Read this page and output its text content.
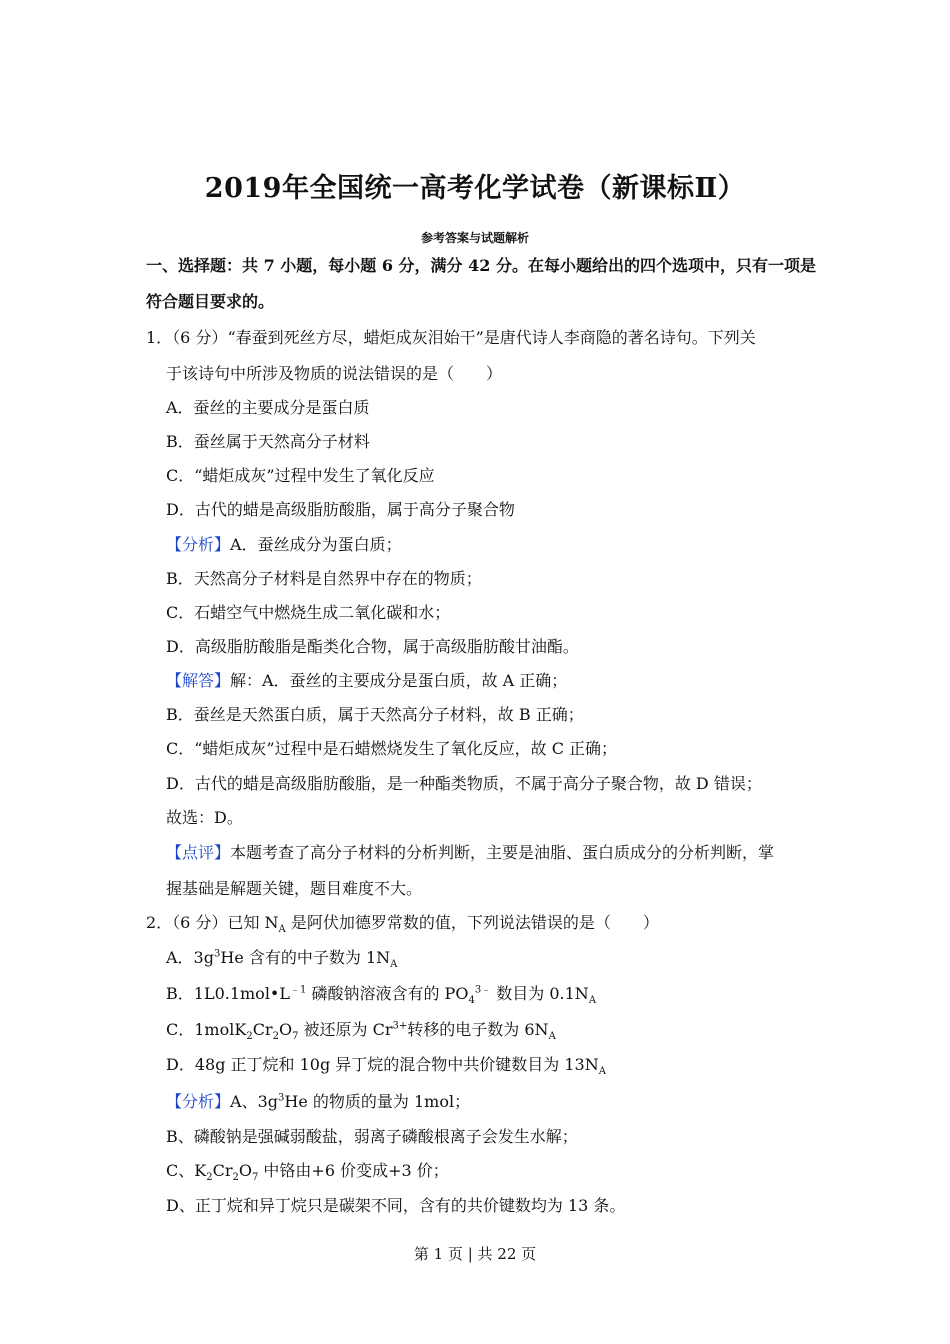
2019年全国统一高考化学试卷（新课标Ⅱ）
参考答案与试题解析
一、选择题：共 7 小题，每小题 6 分，满分 42 分。在每小题给出的四个选项中，只有一项是符合题目要求的。
1．（6 分）“春蚕到死丝方尽，蜡炬成灰泪始干”是唐代诗人李商隐的著名诗句。下列关
于该诗句中所涉及物质的说法错误的是（　　）
A．蚕丝的主要成分是蛋白质
B．蚕丝属于天然高分子材料
C．“蜡炬成灰”过程中发生了氧化反应
D．古代的蜡是高级脂肪酸脂，属于高分子聚合物
【分析】A．蚕丝成分为蛋白质；
B．天然高分子材料是自然界中存在的物质；
C．石蜡空气中燃烧生成二氧化碳和水；
D．高级脂肪酸脂是酯类化合物，属于高级脂肪酸甘油酯。
【解答】解：A．蚕丝的主要成分是蛋白质，故 A 正确；
B．蚕丝是天然蛋白质，属于天然高分子材料，故 B 正确；
C．“蜡炬成灰”过程中是石蜡燃烧发生了氧化反应，故 C 正确；
D．古代的蜡是高级脂肪酸脂，是一种酯类物质，不属于高分子聚合物，故 D 错误；
故选：D。
【点评】本题考查了高分子材料的分析判断，主要是油脂、蛋白质成分的分析判断，掌
握基础是解题关键，题目难度不大。
2．（6 分）已知 $N_A$ 是阿伏加德罗常数的值，下列说法错误的是（　　）
A．$3g^3He$ 含有的中子数为 $1N_A$
B．$1L0.1mol•L^{﹣1}$ 磷酸钠溶液含有的 $PO_4^{3﹣}$ 数目为 $0.1N_A$
C．$1molK_2Cr_2O_7$ 被还原为 $Cr^{3+}$转移的电子数为 $6N_A$
D．48g 正丁烷和 10g 异丁烷的混合物中共价键数目为 $13N_A$
【分析】A、$3g^3He$ 的物质的量为 1mol；
B、磷酸钠是强碱弱酸盐，弱离子磷酸根离子会发生水解；
C、$K_2Cr_2O_7$ 中铬由+6 价变成+3 价；
D、正丁烷和异丁烷只是碳架不同，含有的共价键数均为 13 条。
第 1 页 | 共 22 页
